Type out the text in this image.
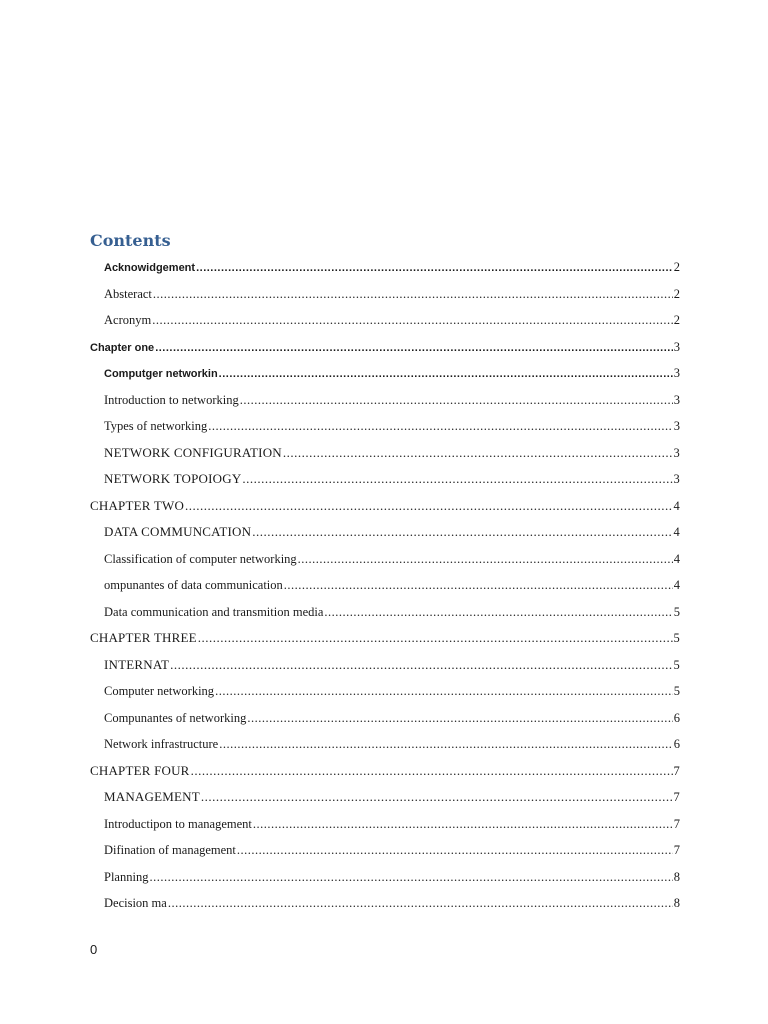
Contents
Acknowidgement .....	2
Absteract .....	2
Acronym .....	2
Chapter one .....	3
Computger networkin .....	3
Introduction to networking .....	3
Types of networking .....	3
NETWORK CONFIGURATION .....	3
NETWORK TOPOIOGY .....	3
CHAPTER TWO .....	4
DATA COMMUNCATION .....	4
Classification of computer networking .....	4
ompunantes of data communication .....	4
Data communication and transmition media .....	5
CHAPTER THREE .....	5
INTERNAT .....	5
Computer networking .....	5
Compunantes of networking .....	6
Network infrastructure .....	6
CHAPTER FOUR .....	7
MANAGEMENT .....	7
Introductipon to management .....	7
Difination of management .....	7
Planning .....	8
Decision ma .....	8
0
